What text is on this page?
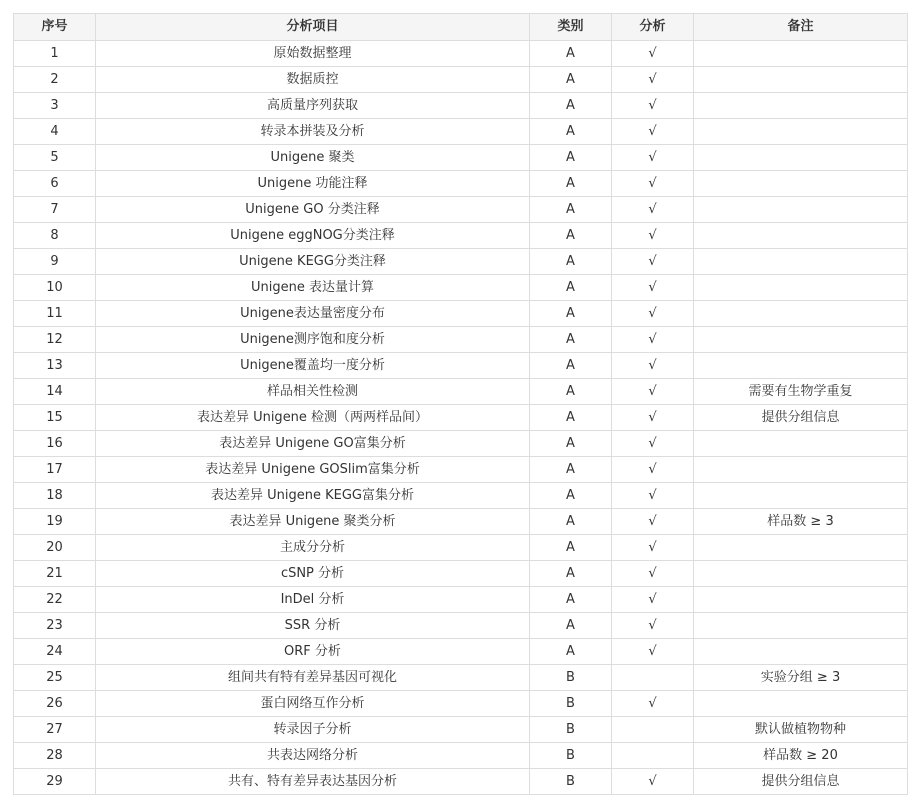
序号	分析项目	类别	分析	备注
1	原始数据整理	A	√	
2	数据质控	A	√	
3	高质量序列获取	A	√	
4	转录本拼装及分析	A	√	
5	Unigene 聚类	A	√	
6	Unigene 功能注释	A	√	
7	Unigene GO 分类注释	A	√	
8	Unigene eggNOG分类注释	A	√	
9	Unigene KEGG分类注释	A	√	
10	Unigene 表达量计算	A	√	
11	Unigene表达量密度分布	A	√	
12	Unigene测序饱和度分析	A	√	
13	Unigene覆盖均一度分析	A	√	
14	样品相关性检测	A	√	需要有生物学重复
15	表达差异 Unigene 检测（两两样品间）	A	√	提供分组信息
16	表达差异 Unigene GO富集分析	A	√	
17	表达差异 Unigene GOSlim富集分析	A	√	
18	表达差异 Unigene KEGG富集分析	A	√	
19	表达差异 Unigene 聚类分析	A	√	样品数 ≥ 3
20	主成分分析	A	√	
21	cSNP 分析	A	√	
22	InDel 分析	A	√	
23	SSR 分析	A	√	
24	ORF 分析	A	√	
25	组间共有特有差异基因可视化	B		实验分组 ≥ 3
26	蛋白网络互作分析	B	√	
27	转录因子分析	B		默认做植物物种
28	共表达网络分析	B		样品数 ≥ 20
29	共有、特有差异表达基因分析	B	√	提供分组信息
